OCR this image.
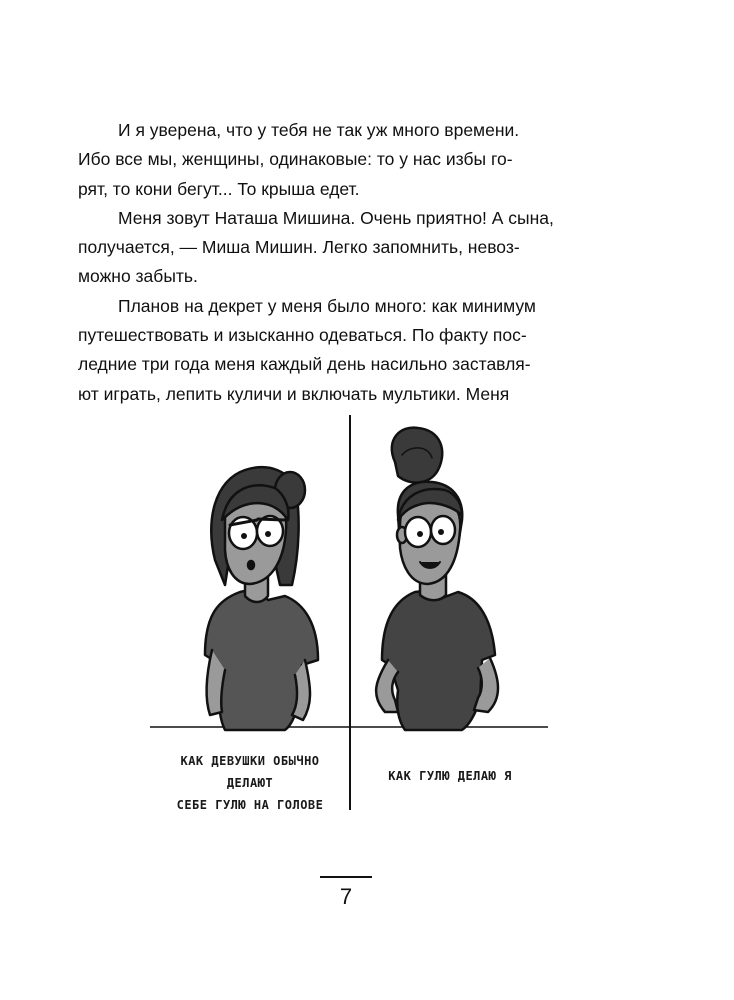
И я уверена, что у тебя не так уж много времени.
Ибо все мы, женщины, одинаковые: то у нас избы го-
рят, то кони бегут... То крыша едет.

Меня зовут Наташа Мишина. Очень приятно! А сына,
получается, — Миша Мишин. Легко запомнить, невоз-
можно забыть.

Планов на декрет у меня было много: как минимум
путешествовать и изысканно одеваться. По факту пос-
ледние три года меня каждый день насильно заставля-
ют играть, лепить куличи и включать мультики. Меня

КАК ДЕВУШКИ ОБЫЧНО ДЕЛАЮТ
СЕБЕ ГУЛЮ НА ГОЛОВЕ
КАК ГУЛЮ ДЕЛАЮ Я
7
